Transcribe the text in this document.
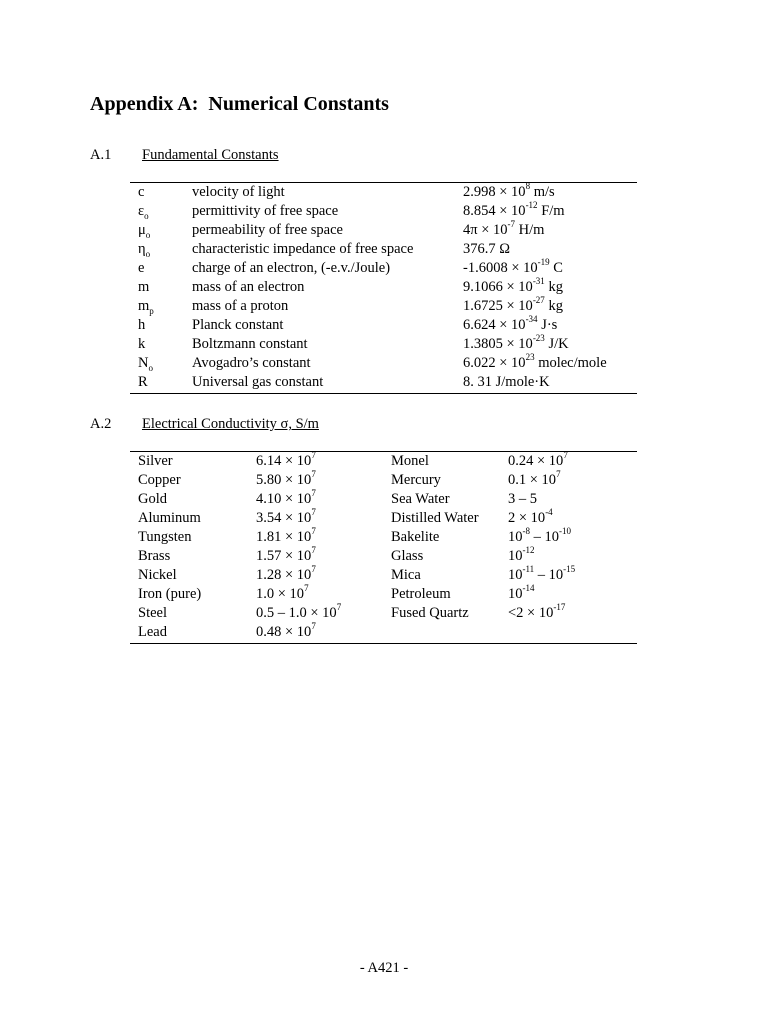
Appendix A:  Numerical Constants
A.1 Fundamental Constants
c	velocity of light	$2.998 \times 10^8$ m/s
$\varepsilon_o$	permittivity of free space	$8.854 \times 10^{-12}$ F/m
$\mu_o$	permeability of free space	$4\pi \times 10^{-7}$ H/m
$\eta_o$	characteristic impedance of free space	376.7 Ω
e	charge of an electron, (-e.v./Joule)	$-1.6008 \times 10^{-19}$ C
m	mass of an electron	$9.1066 \times 10^{-31}$ kg
$m_p$	mass of a proton	$1.6725 \times 10^{-27}$ kg
h	Planck constant	$6.624 \times 10^{-34}$ J·s
k	Boltzmann constant	$1.3805 \times 10^{-23}$ J/K
$N_o$	Avogadro’s constant	$6.022 \times 10^{23}$ molec/mole
R	Universal gas constant	8. 31 J/mole·K
A.2 Electrical Conductivity σ, S/m
Silver	$6.14 \times 10^7$	Monel	$0.24 \times 10^7$
Copper	$5.80 \times 10^7$	Mercury	$0.1 \times 10^7$
Gold	$4.10 \times 10^7$	Sea Water	3 – 5
Aluminum	$3.54 \times 10^7$	Distilled Water $2 \times 10^{-4}$
Tungsten	$1.81 \times 10^7$	Bakelite	$10^{-8} - 10^{-10}$
Brass	$1.57 \times 10^7$	Glass	$10^{-12}$
Nickel	$1.28 \times 10^7$	Mica	$10^{-11} - 10^{-15}$
Iron (pure)	$1.0 \times 10^7$	Petroleum	$10^{-14}$
Steel	$0.5 - 1.0 \times 10^7$	Fused Quartz	$<2 \times 10^{-17}$
Lead	$0.48 \times 10^7$
- A421 -
